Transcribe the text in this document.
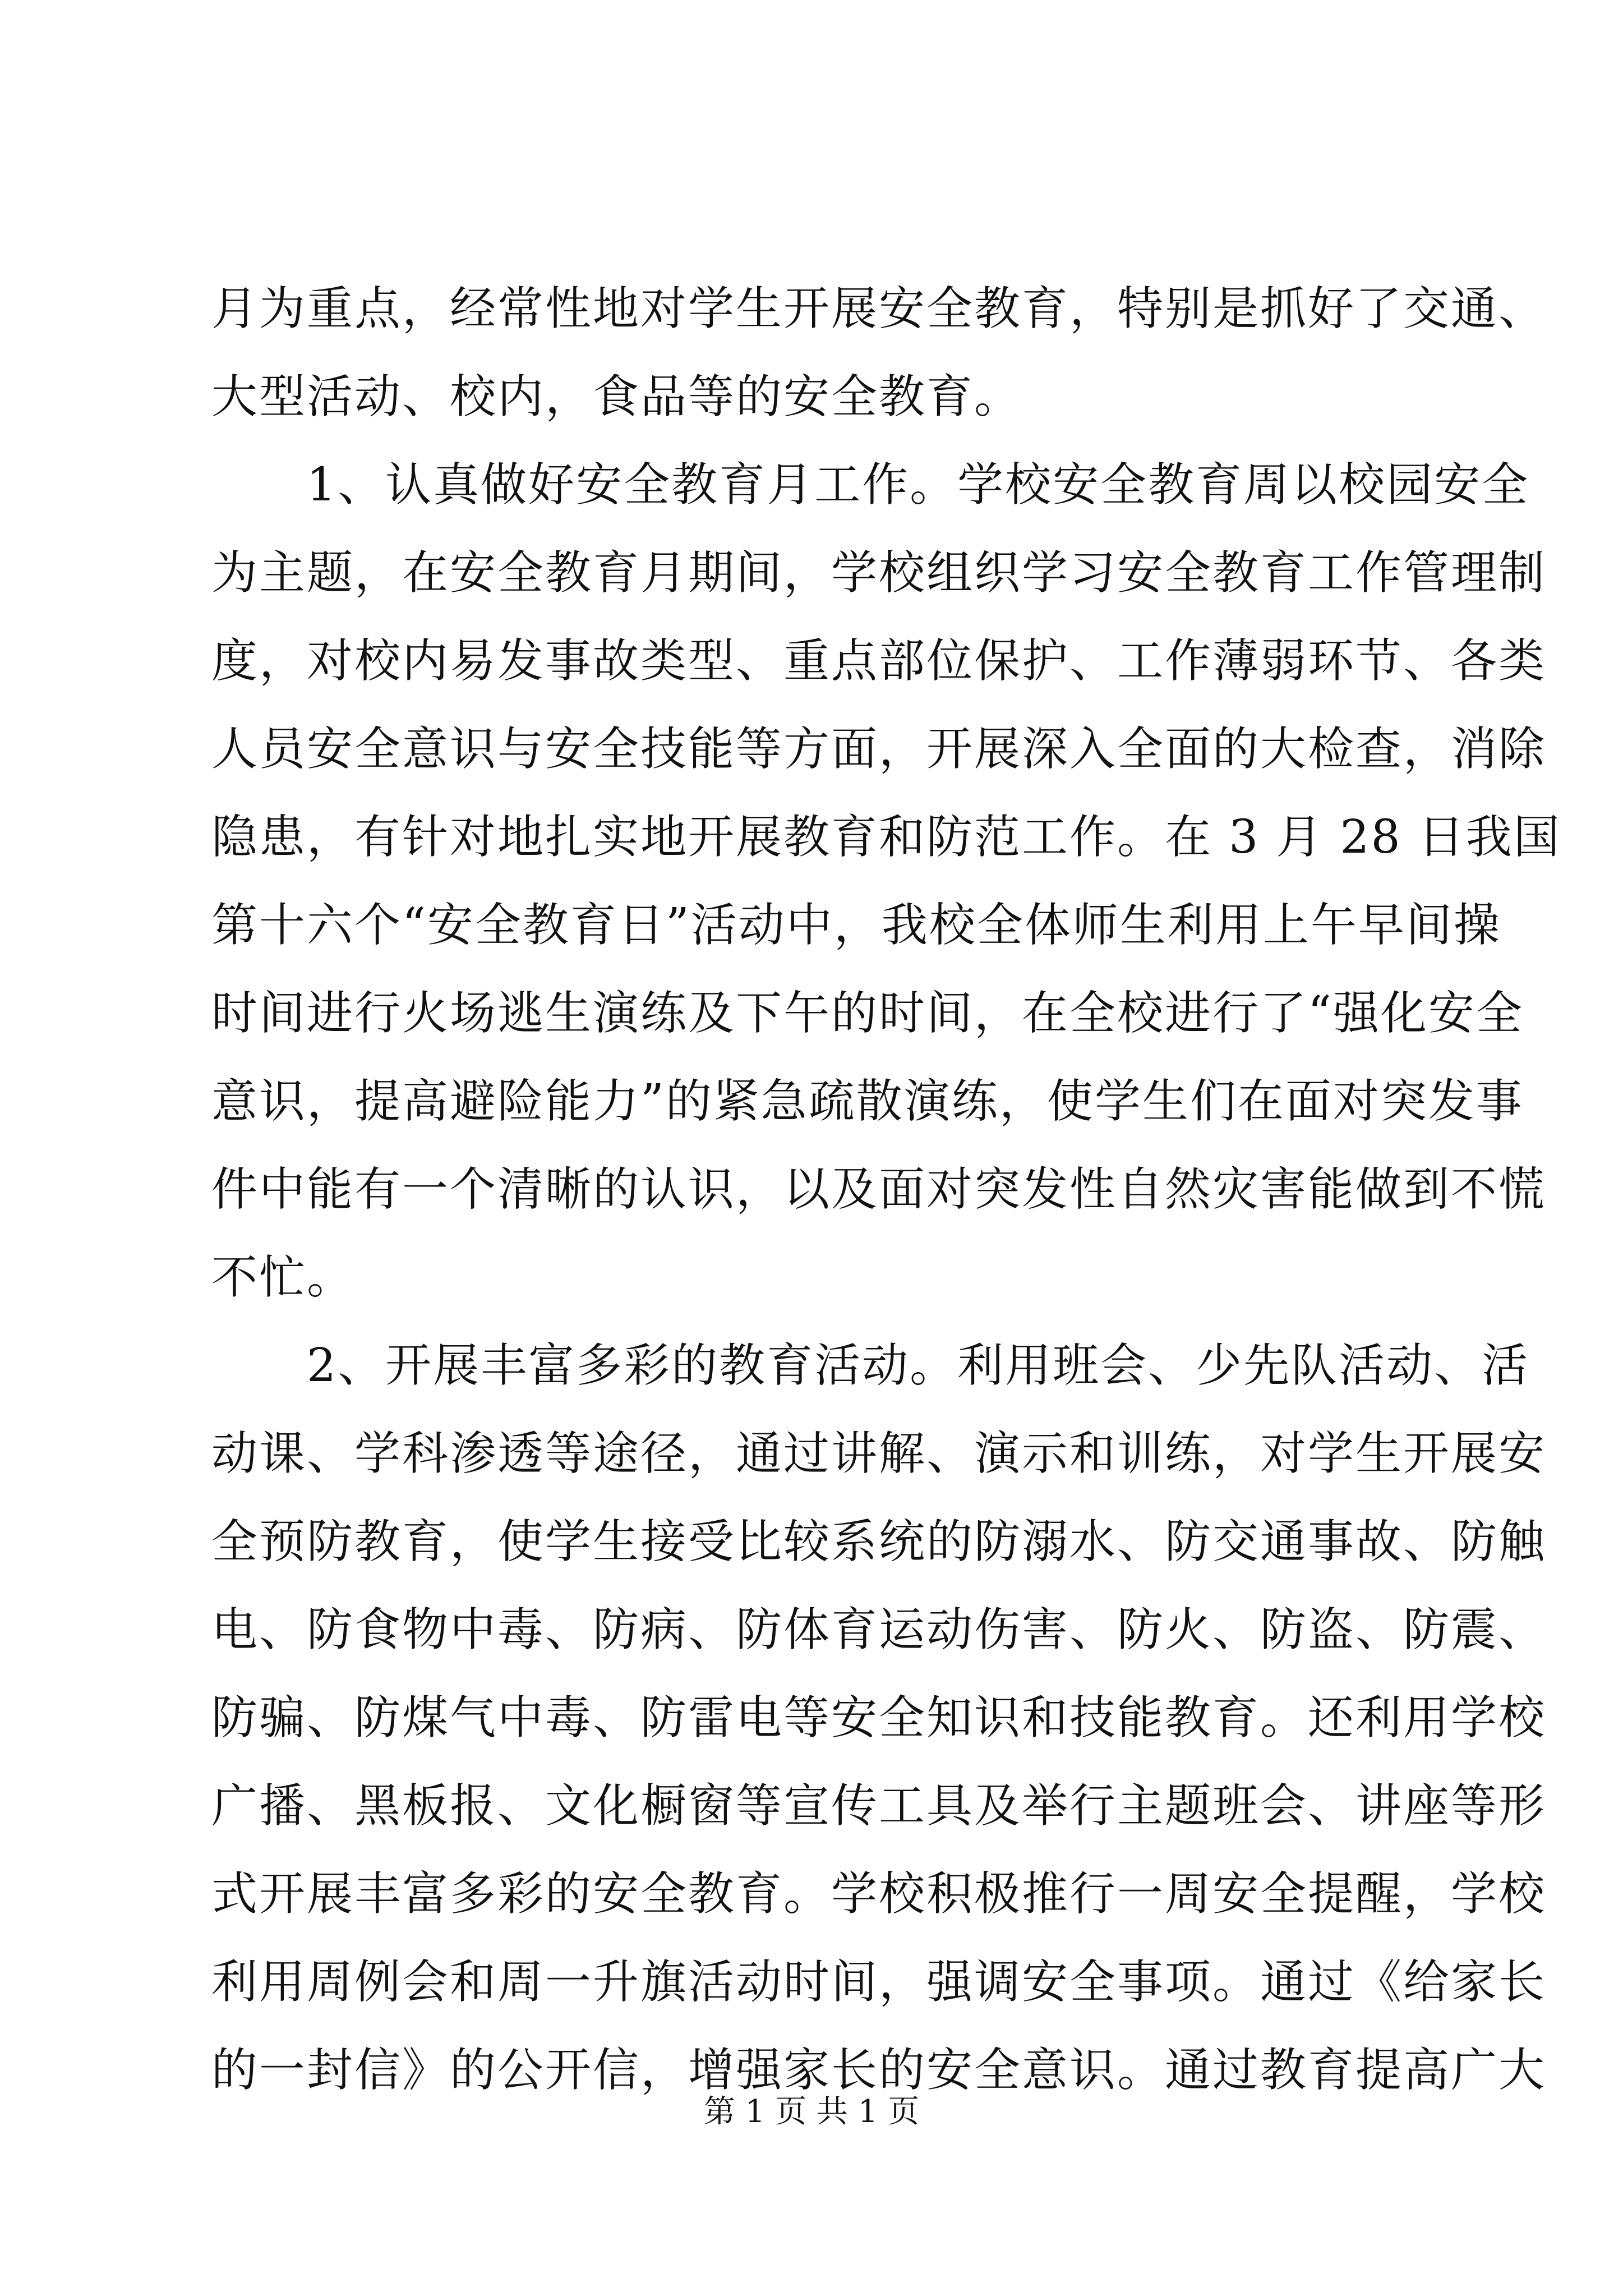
月为重点，经常性地对学生开展安全教育，特别是抓好了交通、
大型活动、校内，食品等的安全教育。
　　1、认真做好安全教育月工作。学校安全教育周以校园安全
为主题，在安全教育月期间，学校组织学习安全教育工作管理制
度，对校内易发事故类型、重点部位保护、工作薄弱环节、各类
人员安全意识与安全技能等方面，开展深入全面的大检查，消除
隐患，有针对地扎实地开展教育和防范工作。在 3 月 28 日我国
第十六个“安全教育日”活动中，我校全体师生利用上午早间操
时间进行火场逃生演练及下午的时间，在全校进行了“强化安全
意识，提高避险能力”的紧急疏散演练，使学生们在面对突发事
件中能有一个清晰的认识，以及面对突发性自然灾害能做到不慌
不忙。
　　2、开展丰富多彩的教育活动。利用班会、少先队活动、活
动课、学科渗透等途径，通过讲解、演示和训练，对学生开展安
全预防教育，使学生接受比较系统的防溺水、防交通事故、防触
电、防食物中毒、防病、防体育运动伤害、防火、防盗、防震、
防骗、防煤气中毒、防雷电等安全知识和技能教育。还利用学校
广播、黑板报、文化橱窗等宣传工具及举行主题班会、讲座等形
式开展丰富多彩的安全教育。学校积极推行一周安全提醒，学校
利用周例会和周一升旗活动时间，强调安全事项。通过《给家长
的一封信》的公开信，增强家长的安全意识。通过教育提高广大
第 1 页 共 1 页
